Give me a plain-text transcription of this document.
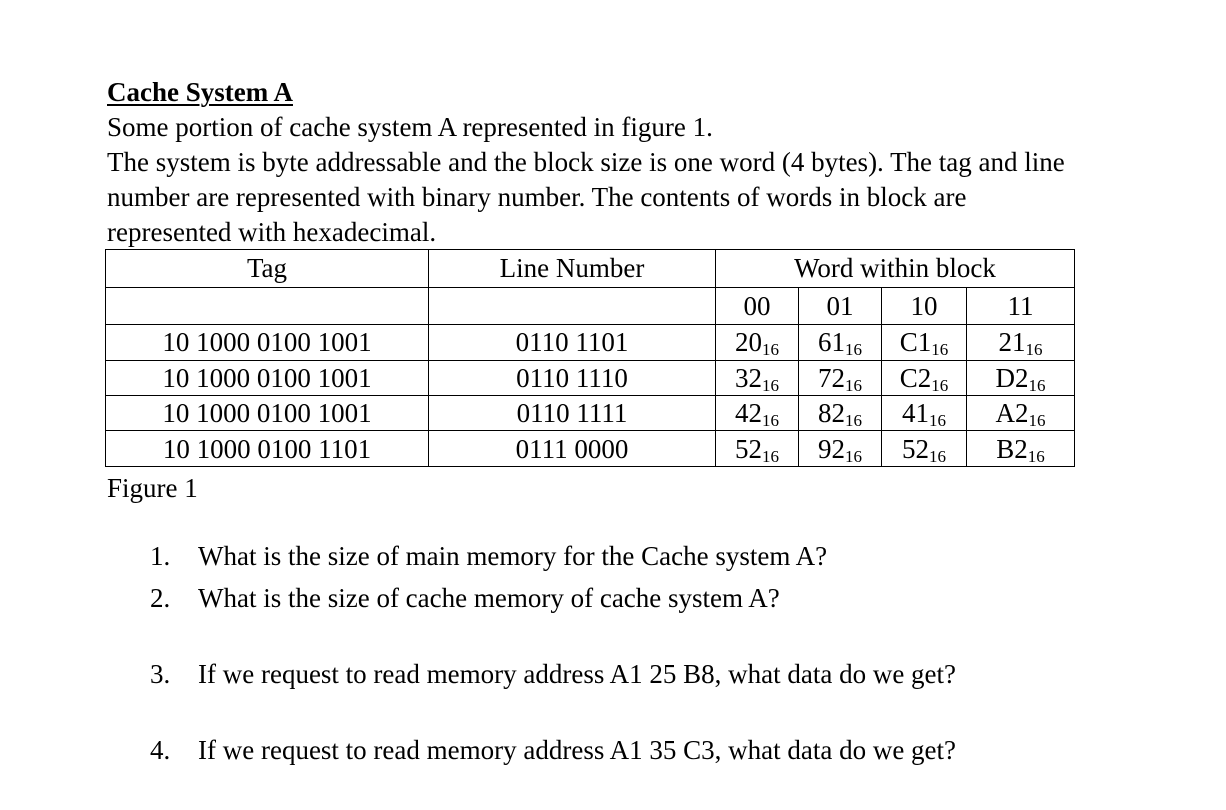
Cache System A
Some portion of cache system A represented in figure 1.
The system is byte addressable and the block size is one word (4 bytes). The tag and line
number are represented with binary number. The contents of words in block are
represented with hexadecimal.
Tag	Line Number	Word within block			
		00	01	10	11
10 1000 0100 1001	0110 1101	$20_{16}$	$61_{16}$	$C1_{16}$	$21_{16}$
10 1000 0100 1001	0110 1110	$32_{16}$	$72_{16}$	$C2_{16}$	$D2_{16}$
10 1000 0100 1001	0110 1111	$42_{16}$	$82_{16}$	$41_{16}$	$A2_{16}$
10 1000 0100 1101	0111 0000	$52_{16}$	$92_{16}$	$52_{16}$	$B2_{16}$
Figure 1
1. What is the size of main memory for the Cache system A?
2. What is the size of cache memory of cache system A?
3. If we request to read memory address A1 25 B8, what data do we get?
4. If we request to read memory address A1 35 C3, what data do we get?
